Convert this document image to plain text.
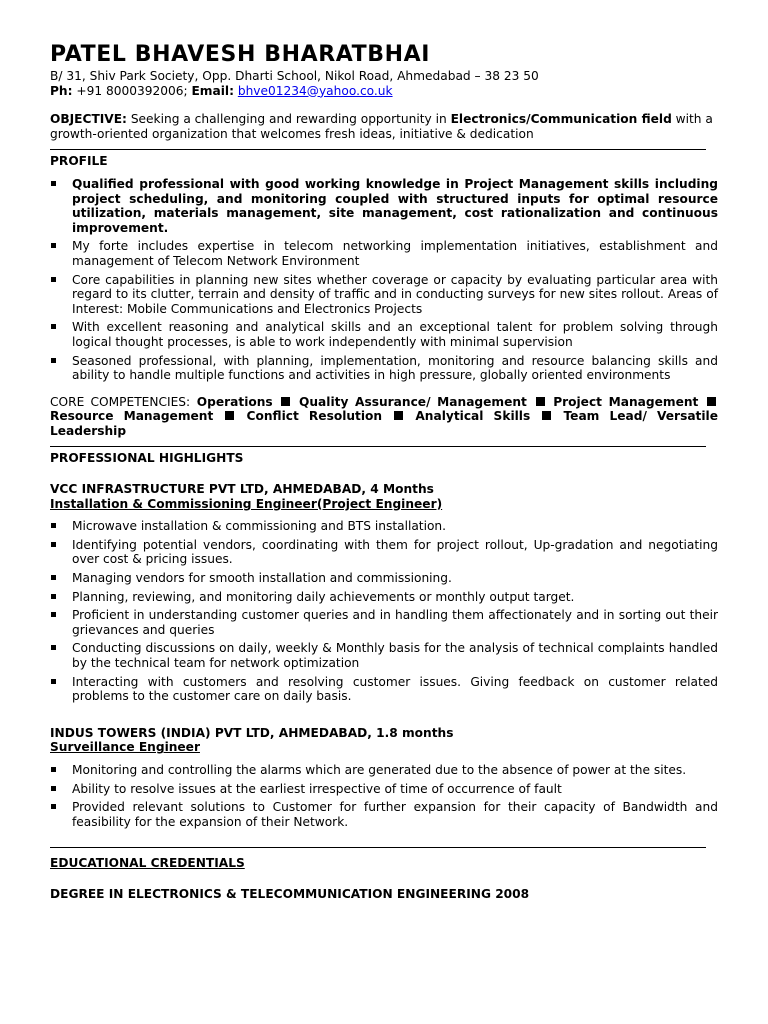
PATEL BHAVESH BHARATBHAI
B/ 31, Shiv Park Society, Opp. Dharti School, Nikol Road, Ahmedabad – 38 23 50
Ph: +91 8000392006; Email: bhve01234@yahoo.co.uk
OBJECTIVE: Seeking a challenging and rewarding opportunity in Electronics/Communication field with a growth-oriented organization that welcomes fresh ideas, initiative & dedication
PROFILE
Qualified professional with good working knowledge in Project Management skills including project scheduling, and monitoring coupled with structured inputs for optimal resource utilization, materials management, site management, cost rationalization and continuous improvement.
My forte includes expertise in telecom networking implementation initiatives, establishment and management of Telecom Network Environment
Core capabilities in planning new sites whether coverage or capacity by evaluating particular area with regard to its clutter, terrain and density of traffic and in conducting surveys for new sites rollout. Areas of Interest: Mobile Communications and Electronics Projects
With excellent reasoning and analytical skills and an exceptional talent for problem solving through logical thought processes, is able to work independently with minimal supervision
Seasoned professional, with planning, implementation, monitoring and resource balancing skills and ability to handle multiple functions and activities in high pressure, globally oriented environments
CORE COMPETENCIES: Operations Quality Assurance/ Management Project Management  Resource Management	Conflict Resolution	Analytical Skills	Team Lead/ Versatile Leadership
PROFESSIONAL HIGHLIGHTS
VCC INFRASTRUCTURE PVT LTD, AHMEDABAD, 4 Months
Installation & Commissioning Engineer(Project Engineer)
Microwave installation & commissioning and BTS installation.
Identifying potential vendors, coordinating with them for project rollout, Up-gradation and negotiating over cost & pricing issues.
Managing vendors for smooth installation and commissioning.
Planning, reviewing, and monitoring daily achievements or monthly output target.
Proficient in understanding customer queries and in handling them affectionately and in sorting out their grievances and queries
Conducting discussions on daily, weekly & Monthly basis for the analysis of technical complaints handled by the technical team for network optimization
Interacting with customers and resolving customer issues. Giving feedback on customer related problems to the customer care on daily basis.
INDUS TOWERS (INDIA) PVT LTD, AHMEDABAD, 1.8 months
Surveillance Engineer
Monitoring and controlling the alarms which are generated due to the absence of power at the sites.
Ability to resolve issues at the earliest irrespective of time of occurrence of fault
Provided relevant solutions to Customer for further expansion for their capacity of Bandwidth and feasibility for the expansion of their Network.
EDUCATIONAL CREDENTIALS
DEGREE IN ELECTRONICS & TELECOMMUNICATION ENGINEERING 2008
